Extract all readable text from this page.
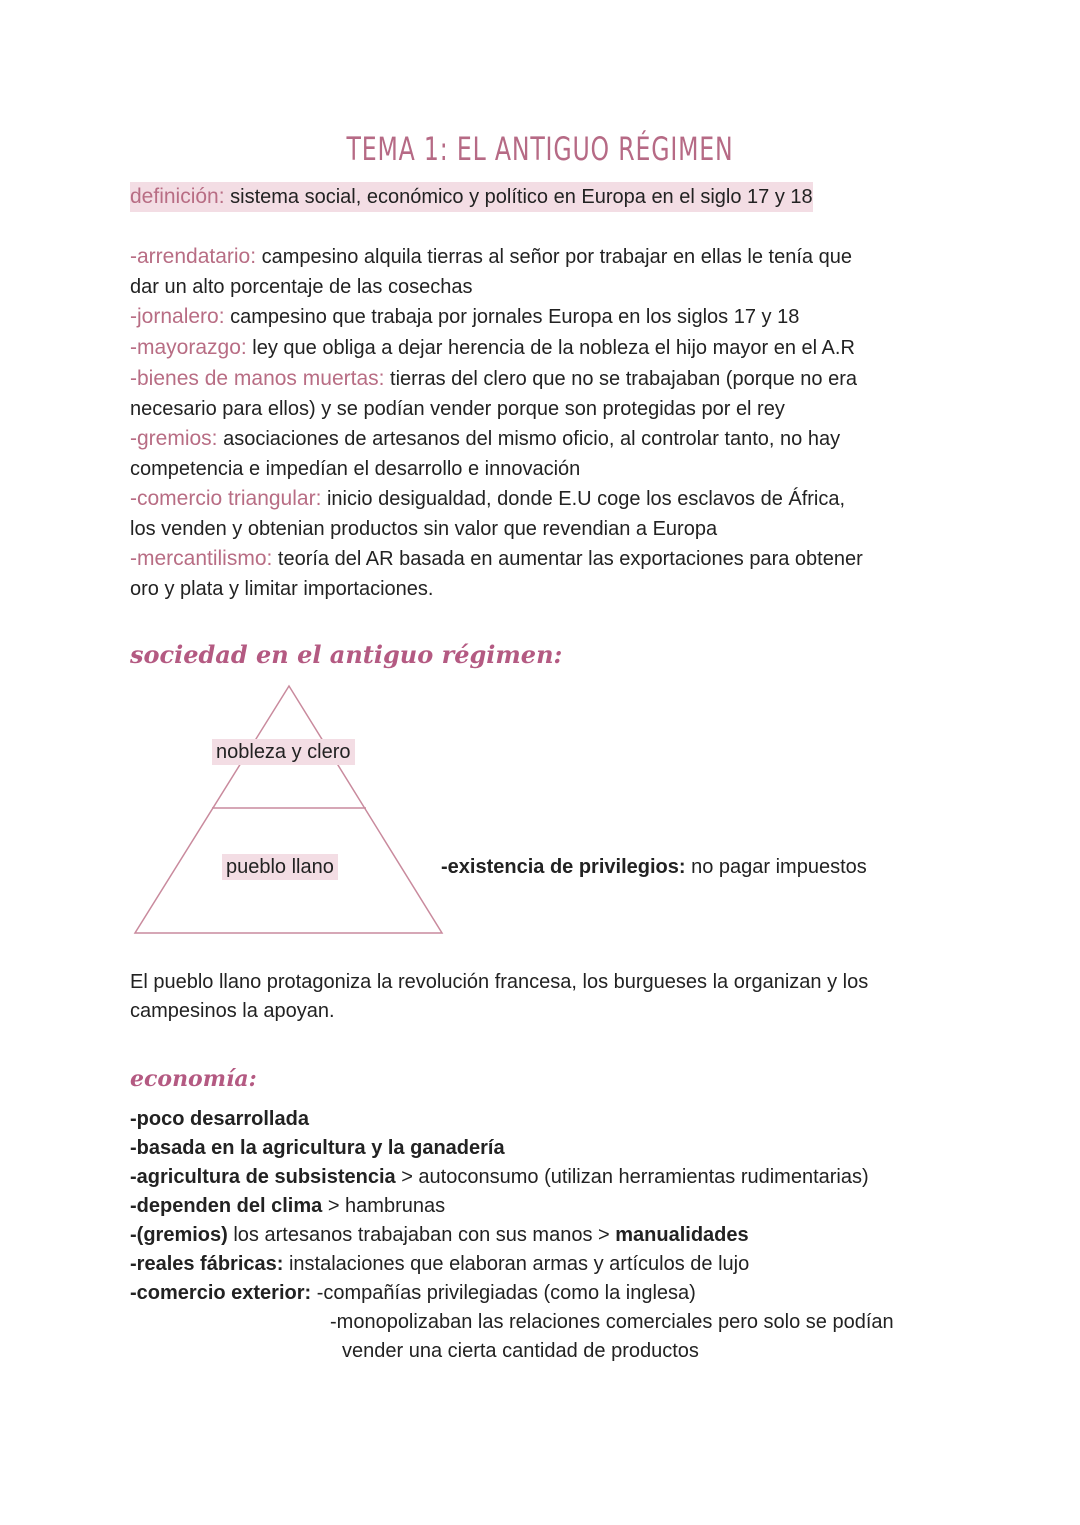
TEMA 1: EL ANTIGUO RÉGIMEN
definición: sistema social, económico y político en Europa en el siglo 17 y 18
-arrendatario: campesino alquila tierras al señor por trabajar en ellas le tenía que
dar un alto porcentaje de las cosechas
-jornalero: campesino que trabaja por jornales Europa en los siglos 17 y 18
-mayorazgo: ley que obliga a dejar herencia de la nobleza el hijo mayor en el A.R
-bienes de manos muertas: tierras del clero que no se trabajaban (porque no era
necesario para ellos) y se podían vender porque son protegidas por el rey
-gremios: asociaciones de artesanos del mismo oficio, al controlar tanto, no hay
competencia e impedían el desarrollo e innovación
-comercio triangular: inicio desigualdad, donde E.U coge los esclavos de África,
los venden y obtenian productos sin valor que revendian a Europa
-mercantilismo: teoría del AR basada en aumentar las exportaciones para obtener
oro y plata y limitar importaciones.
sociedad en el antiguo régimen:
nobleza y clero
pueblo llano	-existencia de privilegios: no pagar impuestos
El pueblo llano protagoniza la revolución francesa, los burgueses la organizan y los
campesinos la apoyan.
economía:
-poco desarrollada
-basada en la agricultura y la ganadería
-agricultura de subsistencia > autoconsumo (utilizan herramientas rudimentarias)
-dependen del clima > hambrunas
-(gremios) los artesanos trabajaban con sus manos > manualidades
-reales fábricas: instalaciones que elaboran armas y artículos de lujo
-comercio exterior: -compañías privilegiadas (como la inglesa)
-monopolizaban las relaciones comerciales pero solo se podían
vender una cierta cantidad de productos
